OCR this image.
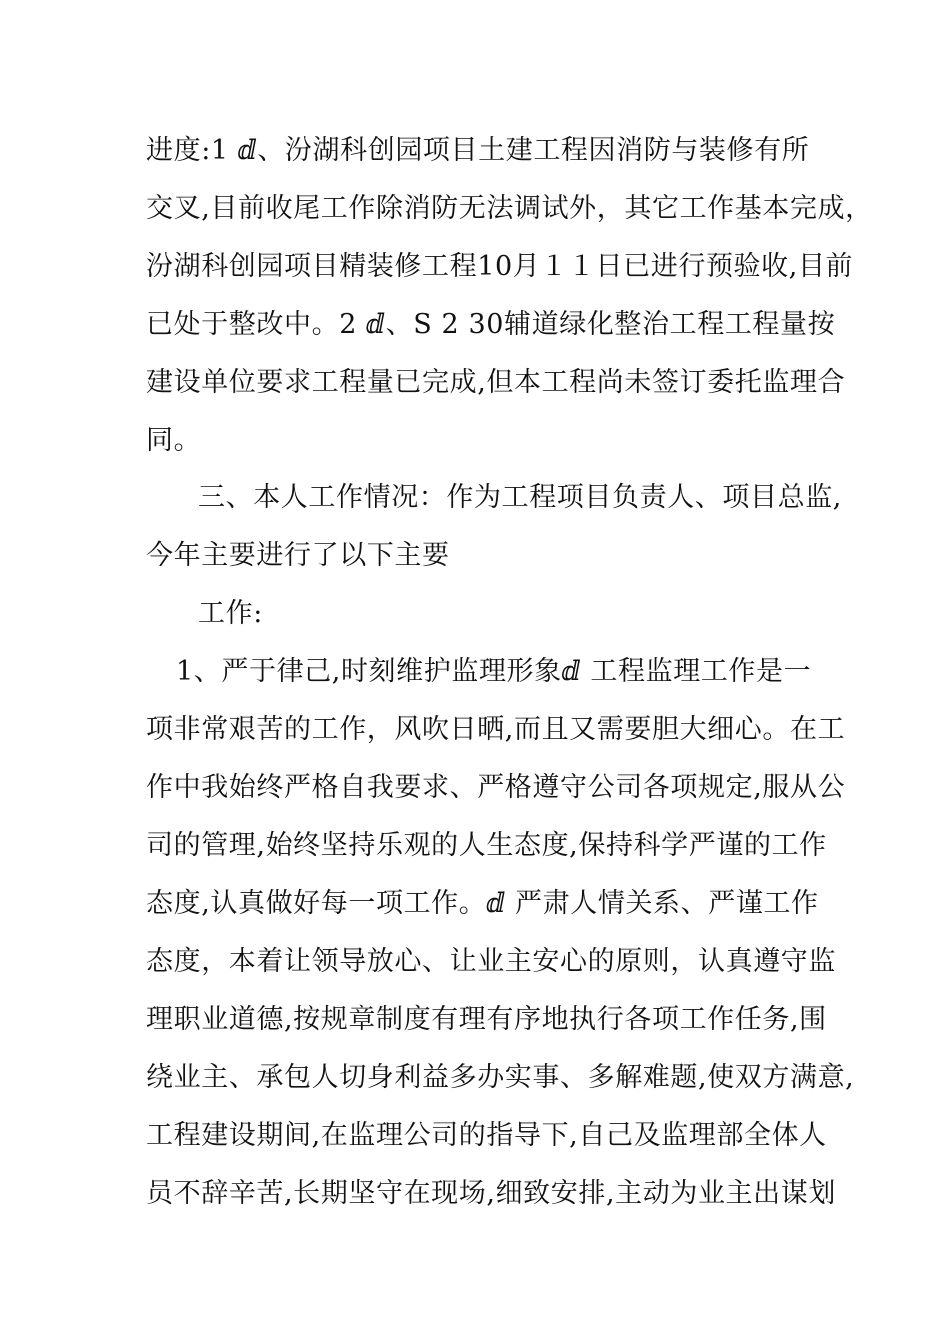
进度:1 ⅆ、汾湖科创园项目土建工程因消防与装修有所
交叉,目前收尾工作除消防无法调试外，其它工作基本完成，
汾湖科创园项目精装修工程10月１１日已进行预验收,目前
已处于整改中。2 ⅆ、S 2 30辅道绿化整治工程工程量按
建设单位要求工程量已完成,但本工程尚未签订委托监理合
同。
三、本人工作情况：作为工程项目负责人、项目总监,
今年主要进行了以下主要
工作:
1、严于律己,时刻维护监理形象ⅆ 工程监理工作是一
项非常艰苦的工作，风吹日晒,而且又需要胆大细心。在工
作中我始终严格自我要求、严格遵守公司各项规定,服从公
司的管理,始终坚持乐观的人生态度,保持科学严谨的工作
态度,认真做好每一项工作。ⅆ 严肃人情关系、严谨工作
态度，本着让领导放心、让业主安心的原则，认真遵守监
理职业道德,按规章制度有理有序地执行各项工作任务,围
绕业主、承包人切身利益多办实事、多解难题,使双方满意,
工程建设期间,在监理公司的指导下,自己及监理部全体人
员不辞辛苦,长期坚守在现场,细致安排,主动为业主出谋划
